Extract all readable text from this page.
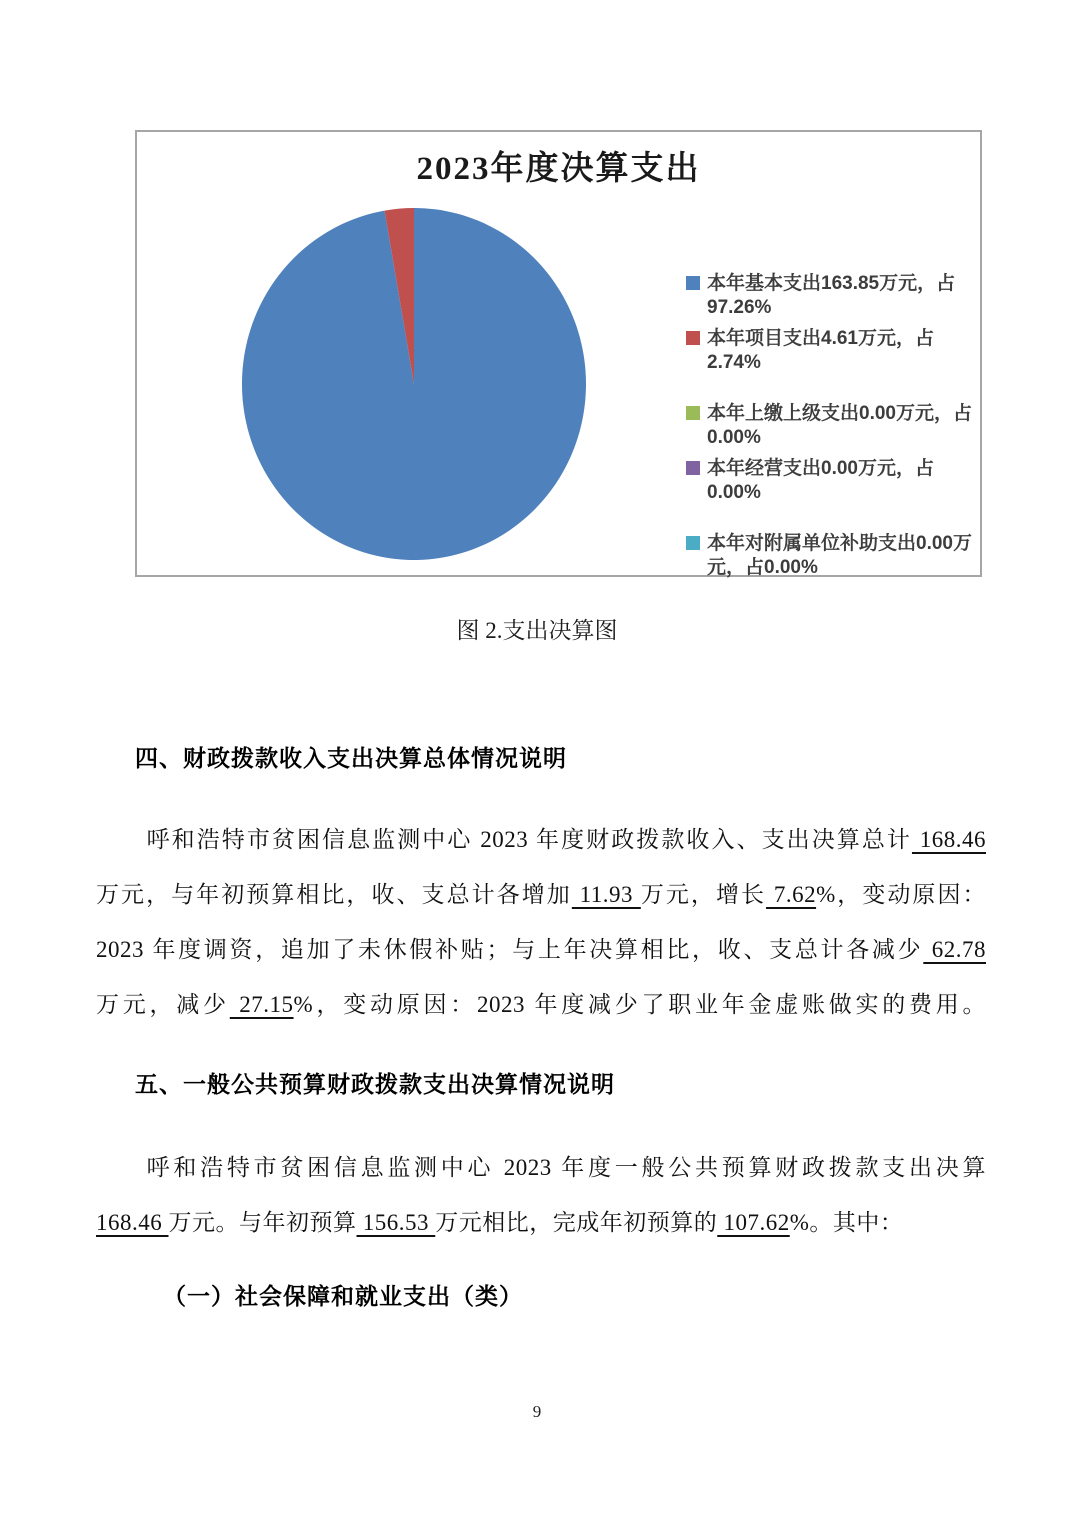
2023年度决算支出
本年基本支出163.85万元，占97.26%
本年项目支出4.61万元，占2.74%
本年上缴上级支出0.00万元，占 0.00%
本年经营支出0.00万元，占0.00%
本年对附属单位补助支出0.00万元，占0.00%
图 2.支出决算图
四、财政拨款收入支出决算总体情况说明
呼和浩特市贫困信息监测中心 2023 年度财政拨款收入、支出决算总计 168.46
万元，与年初预算相比，收、支总计各增加 11.93 万元，增长 7.62%，变动原因：
2023 年度调资，追加了未休假补贴；与上年决算相比，收、支总计各减少 62.78
万元，减少 27.15%，变动原因：2023 年度减少了职业年金虚账做实的费用。
五、一般公共预算财政拨款支出决算情况说明
呼和浩特市贫困信息监测中心 2023 年度一般公共预算财政拨款支出决算
168.46 万元。与年初预算 156.53 万元相比，完成年初预算的 107.62%。其中：
（一）社会保障和就业支出（类）
9
